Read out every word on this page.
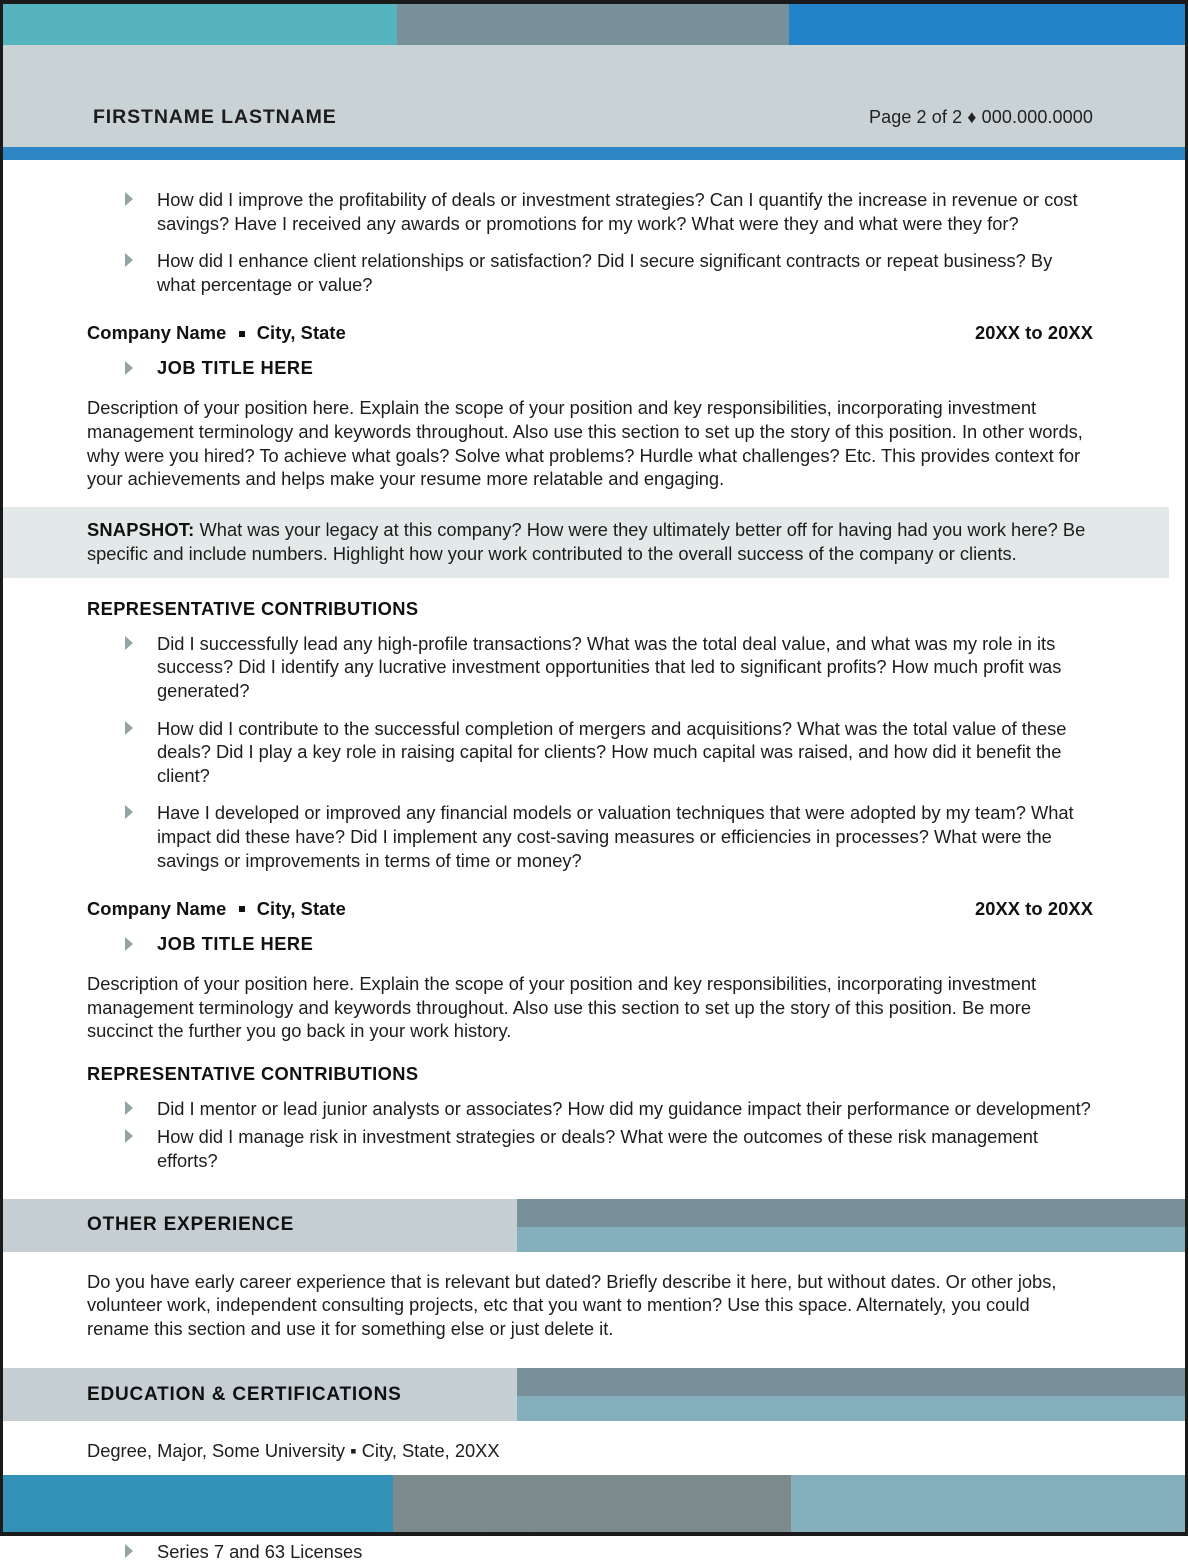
FIRSTNAME LASTNAME	Page 2 of 2 ♦ 000.000.0000
How did I improve the profitability of deals or investment strategies? Can I quantify the increase in revenue or cost savings? Have I received any awards or promotions for my work? What were they and what were they for?
How did I enhance client relationships or satisfaction? Did I secure significant contracts or repeat business? By what percentage or value?
Company Name City, State	20XX to 20XX
JOB TITLE HERE
Description of your position here. Explain the scope of your position and key responsibilities, incorporating investment management terminology and keywords throughout. Also use this section to set up the story of this position. In other words, why were you hired? To achieve what goals? Solve what problems? Hurdle what challenges? Etc. This provides context for your achievements and helps make your resume more relatable and engaging.
SNAPSHOT: What was your legacy at this company? How were they ultimately better off for having had you work here? Be specific and include numbers. Highlight how your work contributed to the overall success of the company or clients.
REPRESENTATIVE CONTRIBUTIONS
Did I successfully lead any high-profile transactions? What was the total deal value, and what was my role in its success? Did I identify any lucrative investment opportunities that led to significant profits? How much profit was generated?
How did I contribute to the successful completion of mergers and acquisitions? What was the total value of these deals? Did I play a key role in raising capital for clients? How much capital was raised, and how did it benefit the client?
Have I developed or improved any financial models or valuation techniques that were adopted by my team? What impact did these have? Did I implement any cost-saving measures or efficiencies in processes? What were the savings or improvements in terms of time or money?
Company Name City, State	20XX to 20XX
JOB TITLE HERE
Description of your position here. Explain the scope of your position and key responsibilities, incorporating investment management terminology and keywords throughout. Also use this section to set up the story of this position. Be more succinct the further you go back in your work history.
REPRESENTATIVE CONTRIBUTIONS
Did I mentor or lead junior analysts or associates? How did my guidance impact their performance or development?
How did I manage risk in investment strategies or deals? What were the outcomes of these risk management efforts?
OTHER EXPERIENCE
Do you have early career experience that is relevant but dated? Briefly describe it here, but without dates. Or other jobs, volunteer work, independent consulting projects, etc that you want to mention? Use this space. Alternately, you could rename this section and use it for something else or just delete it.
EDUCATION & CERTIFICATIONS
Degree, Major, Some University ▪ City, State, 20XX
Series 7 and 63 Licenses
